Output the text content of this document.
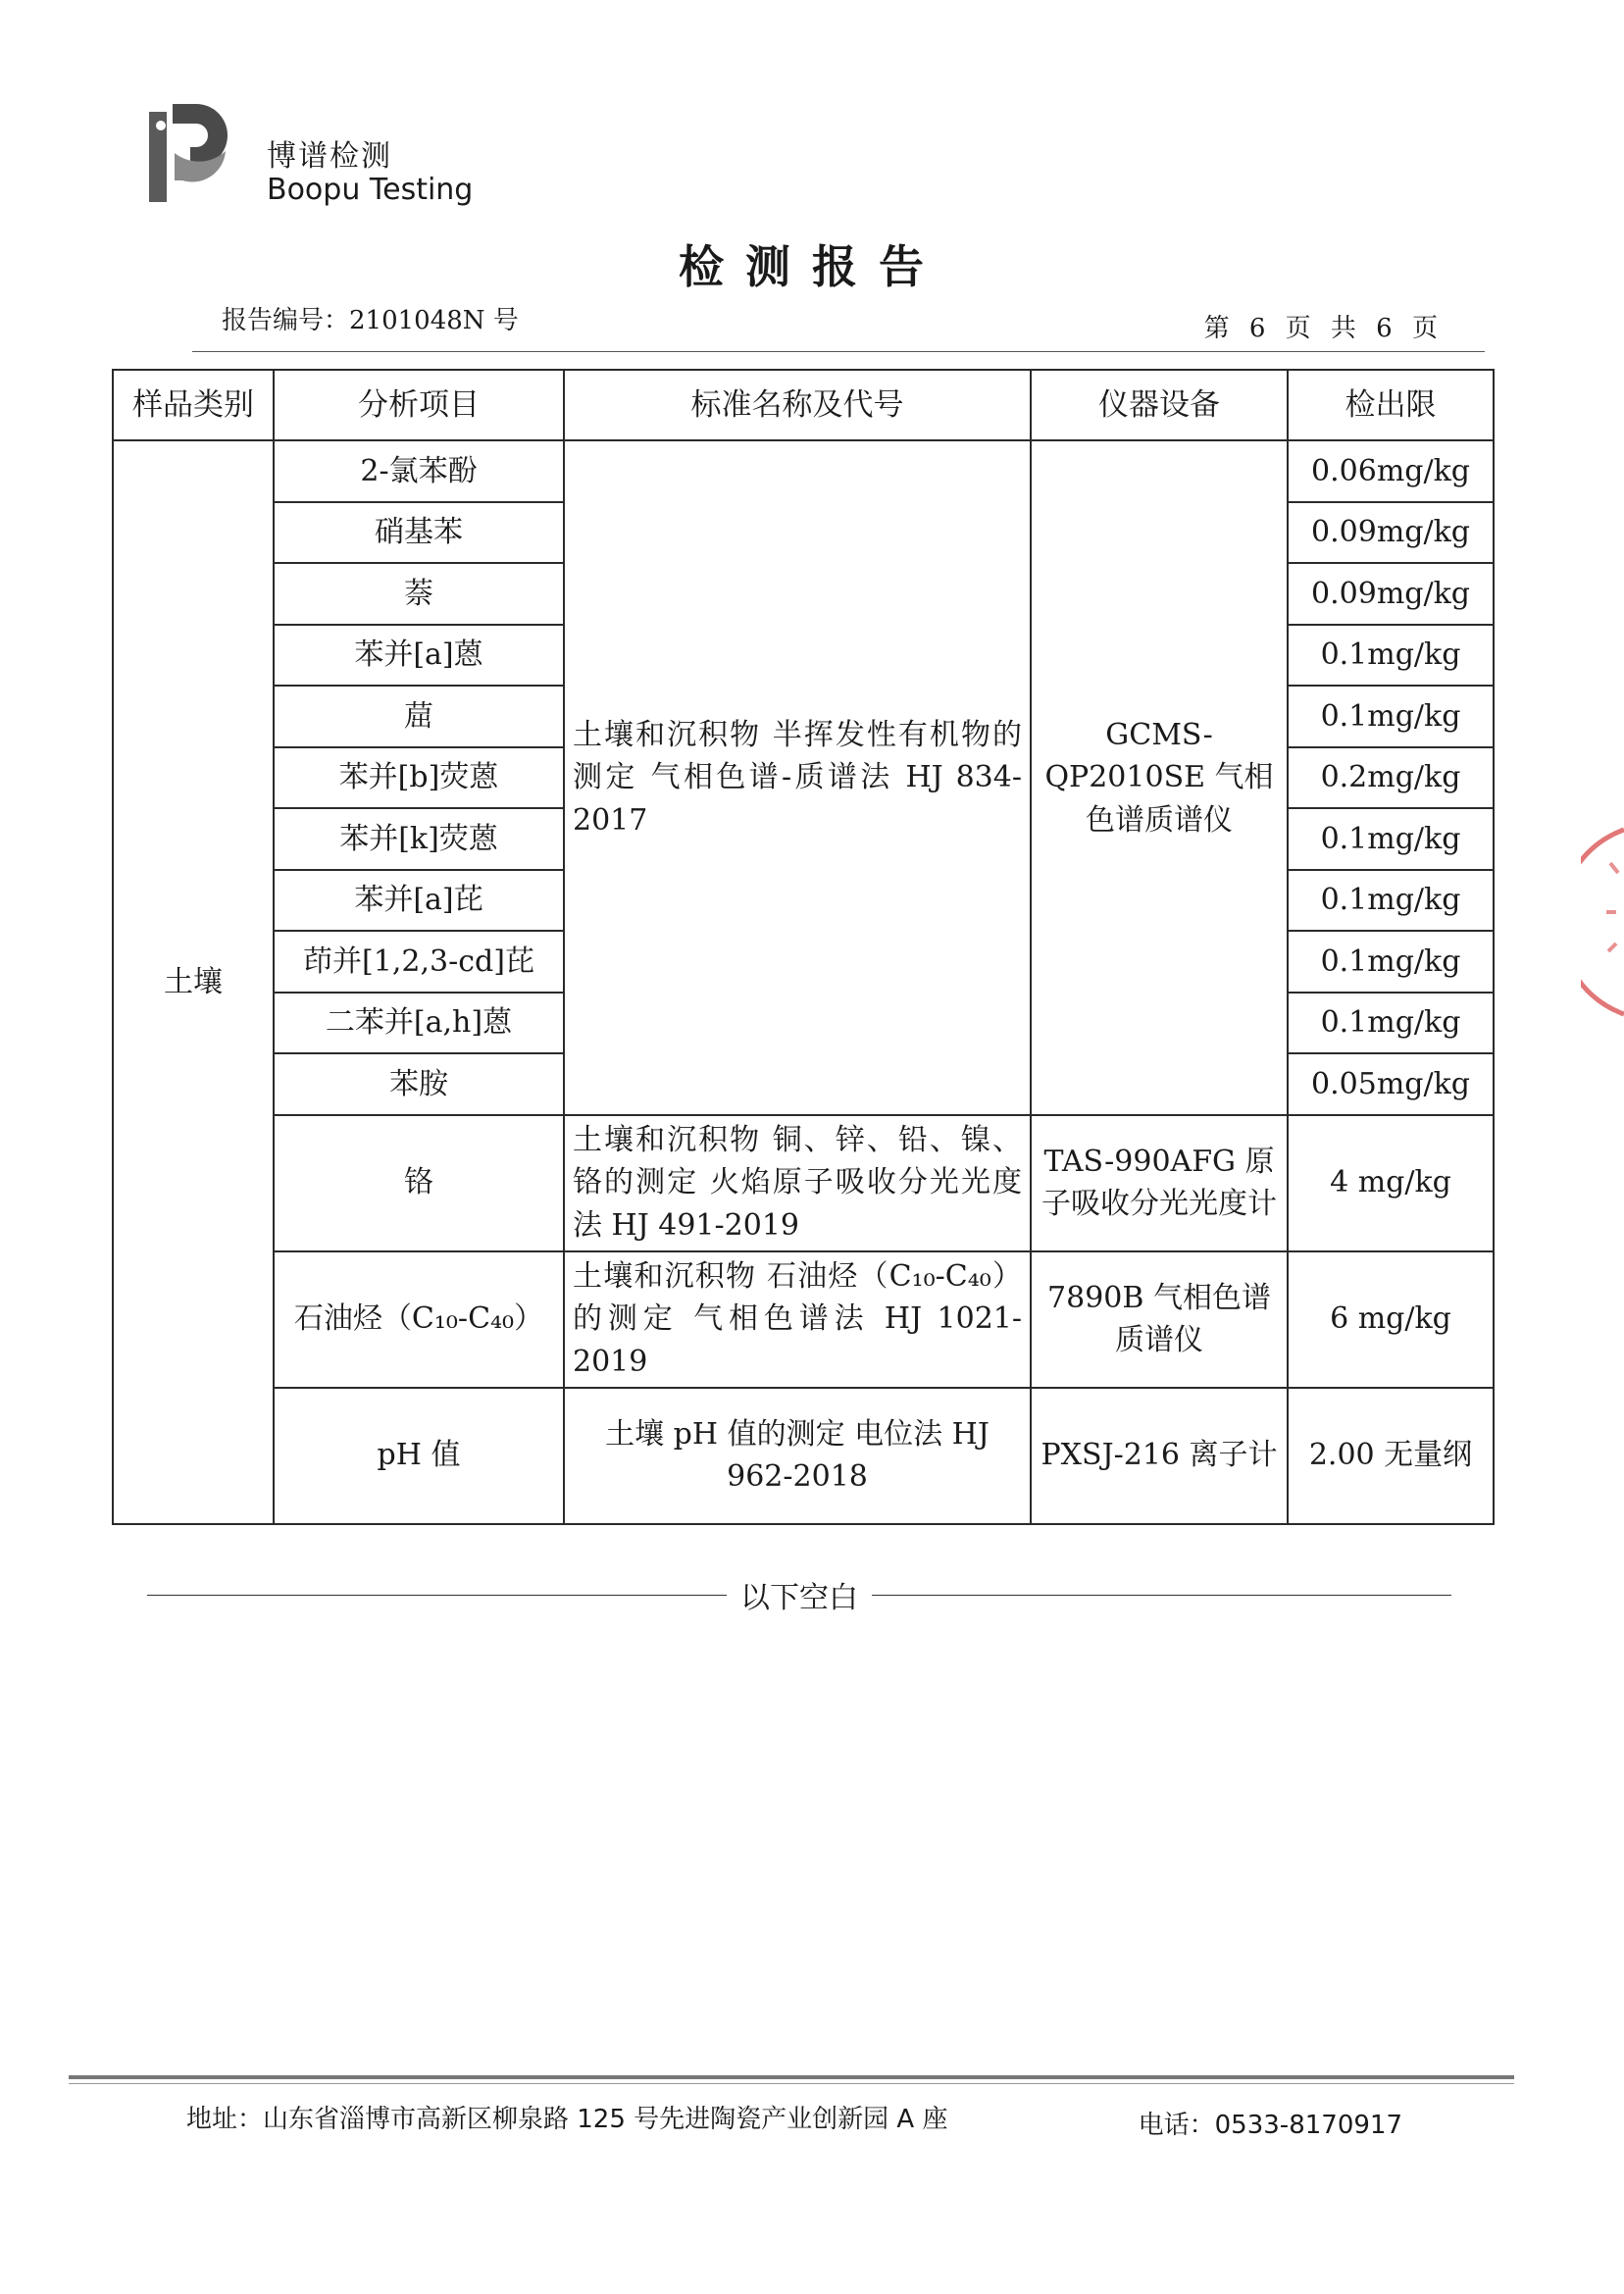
博谱检测
Boopu Testing
检测报告
报告编号：2101048N 号	第 6 页 共 6 页
样品类别	分析项目	标准名称及代号	仪器设备	检出限
土壤	2-氯苯酚	土壤和沉积物 半挥发性有机物的测定 气相色谱-质谱法 HJ 834-2017	GCMS-QP2010SE 气相色谱质谱仪	0.06mg/kg
	硝基苯			0.09mg/kg
	萘			0.09mg/kg
	苯并[a]蒽			0.1mg/kg
	䓛			0.1mg/kg
	苯并[b]荧蒽			0.2mg/kg
	苯并[k]荧蒽			0.1mg/kg
	苯并[a]芘			0.1mg/kg
	茚并[1,2,3-cd]芘			0.1mg/kg
	二苯并[a,h]蒽			0.1mg/kg
	苯胺			0.05mg/kg
	铬	土壤和沉积物 铜、锌、铅、镍、铬的测定 火焰原子吸收分光光度法 HJ 491-2019	TAS-990AFG 原子吸收分光光度计	4 mg/kg
	石油烃（C₁₀-C₄₀）	土壤和沉积物 石油烃（C₁₀-C₄₀）的测定 气相色谱法 HJ 1021-2019	7890B 气相色谱质谱仪	6 mg/kg
	pH 值	土壤 pH 值的测定 电位法 HJ 962-2018	PXSJ-216 离子计	2.00 无量纲
以下空白
地址：山东省淄博市高新区柳泉路 125 号先进陶瓷产业创新园 A 座	电话：0533-8170917
